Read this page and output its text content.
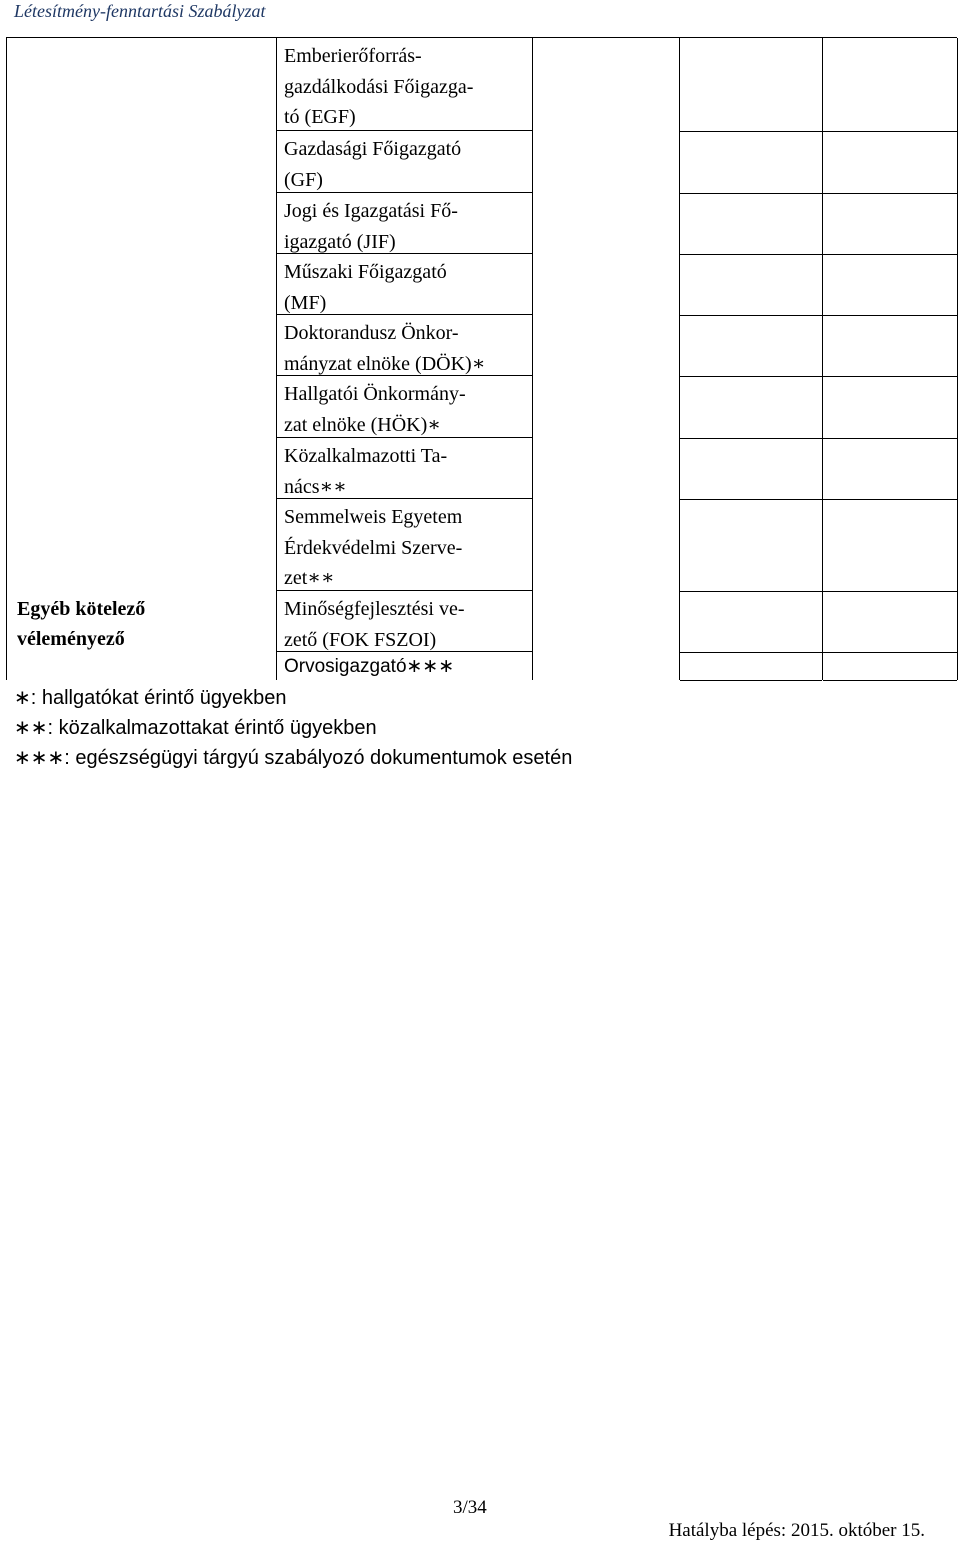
Létesítmény-fenntartási Szabályzat
Egyéb kötelező
véleményező
Emberierőforrás-
gazdálkodási Főigazga-
tó (EGF)
Gazdasági Főigazgató
(GF)
Jogi és Igazgatási Fő-
igazgató (JIF)
Műszaki Főigazgató
(MF)
Doktorandusz Önkor-
mányzat elnöke (DÖK)∗
Hallgatói Önkormány-
zat elnöke (HÖK)∗
Közalkalmazotti Ta-
nács∗∗
Semmelweis Egyetem
Érdekvédelmi Szerve-
zet∗∗
Minőségfejlesztési ve-
zető (FOK FSZOI)
Orvosigazgató∗∗∗
∗: hallgatókat érintő ügyekben
∗∗: közalkalmazottakat érintő ügyekben
∗∗∗: egészségügyi tárgyú szabályozó dokumentumok esetén
3/34
Hatályba lépés: 2015. október 15.
